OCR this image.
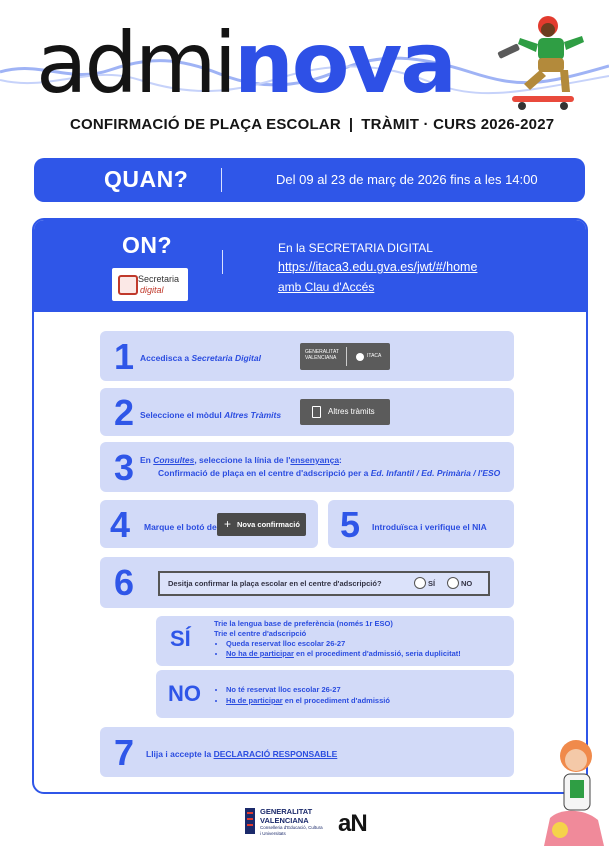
adminova
CONFIRMACIÓ DE PLAÇA ESCOLAR | TRÀMIT · CURS 2026-2027
QUAN?	Del 09 al 23 de març de 2026 fins a les 14:00
ON?
Secretaria
digital
En la SECRETARIA DIGITAL
https://itaca3.edu.gva.es/jwt/#/home
amb Clau d'Accés
1 Accedisca a Secretaria Digital
GENERALITAT VALENCIANA	ITACA
2 Seleccione el mòdul Altres Tràmits	Altres tràmits
3 En Consultes, seleccione la línia de l'ensenyança:
Confirmació de plaça en el centre d'adscripció per a Ed. Infantil / Ed. Primària / l'ESO
4 Marque el botó de + Nova confirmació 5 Introduïsca i verifique el NIA
6	Desitja confirmar la plaça escolar en el centre d'adscripció?	SÍ	NO
SÍ
Trie la lengua base de preferència (només 1r ESO)
Trie el centre d'adscripció
• Queda reservat lloc escolar 26-27
• No ha de participar en el procediment d'admissió, seria duplicitat!
NO
•	No té reservat lloc escolar 26-27
• Ha de participar en el procediment d'admissió
7 Llija i accepte la DECLARACIÓ RESPONSABLE
GENERALITAT
VALENCIANA
Conselleria d'Educació, Cultura
i Universitats	aN
